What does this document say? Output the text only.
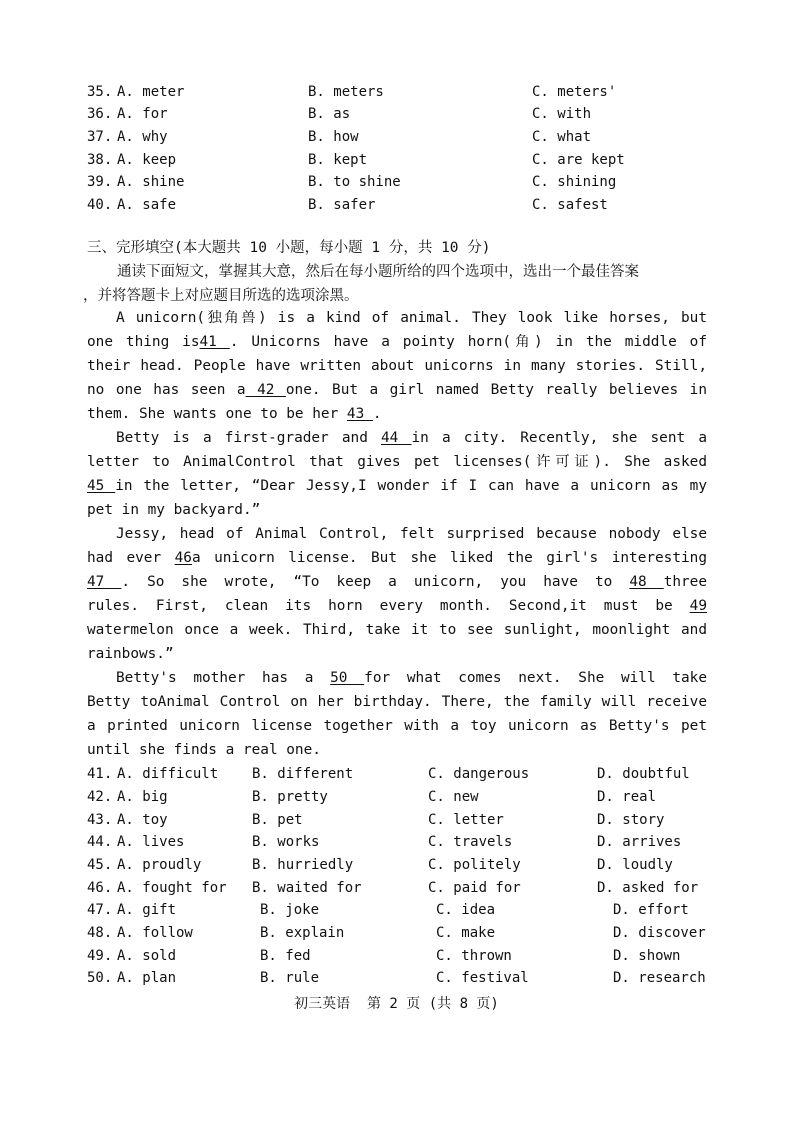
35. A. meter	B. meters	C. meters'
36. A. for	B. as	C. with
37. A. why	B. how	C. what
38. A. keep	B. kept	C. are kept
39. A. shine	B. to shine	C. shining
40. A. safe	B. safer	C. safest
三、完形填空(本大题共 10 小题，每小题 1 分，共 10 分)
通读下面短文，掌握其大意，然后在每小题所给的四个选项中，选出一个最佳答案
，并将答题卡上对应题目所选的选项涂黑。
A unicorn(独角兽) is a kind of animal. They look like horses, but
one thing is41 . Unicorns have a pointy horn(角) in the middle of
their head. People have written about unicorns in many stories. Still,
no one has seen a 42 one. But a girl named Betty really believes in
them. She wants one to be her 43 .
Betty is a first-grader and 44 in a city. Recently, she sent a
letter to AnimalControl that gives pet licenses(许可证). She asked
45 in the letter, “Dear Jessy,I wonder if I can have a unicorn as my
pet in my backyard.”
Jessy, head of Animal Control, felt surprised because nobody else
had ever 46a unicorn license. But she liked the girl's interesting
47 . So she wrote, “To keep a unicorn, you have to 48 three
rules. First, clean its horn every month. Second,it must be 49
watermelon once a week. Third, take it to see sunlight, moonlight and
rainbows.”
Betty's mother has a 50 for what comes next. She will take
Betty toAnimal Control on her birthday. There, the family will receive
a printed unicorn license together with a toy unicorn as Betty's pet
until she finds a real one.
41. A. difficult B. different	C. dangerous	D. doubtful
42. A. big	B. pretty	C. new	D. real
43. A. toy	B. pet	C. letter	D. story
44. A. lives	B. works	C. travels	D. arrives
45. A. proudly	B. hurriedly	C. politely	D. loudly
46. A. fought for B. waited for	C. paid for	D. asked for
47. A. gift	B. joke	C. idea	D. effort
48. A. follow	B. explain	C. make	D. discover
49. A. sold	B. fed	C. thrown	D. shown
50. A. plan	B. rule	C. festival	D. research
初三英语  第 2 页 (共 8 页)
